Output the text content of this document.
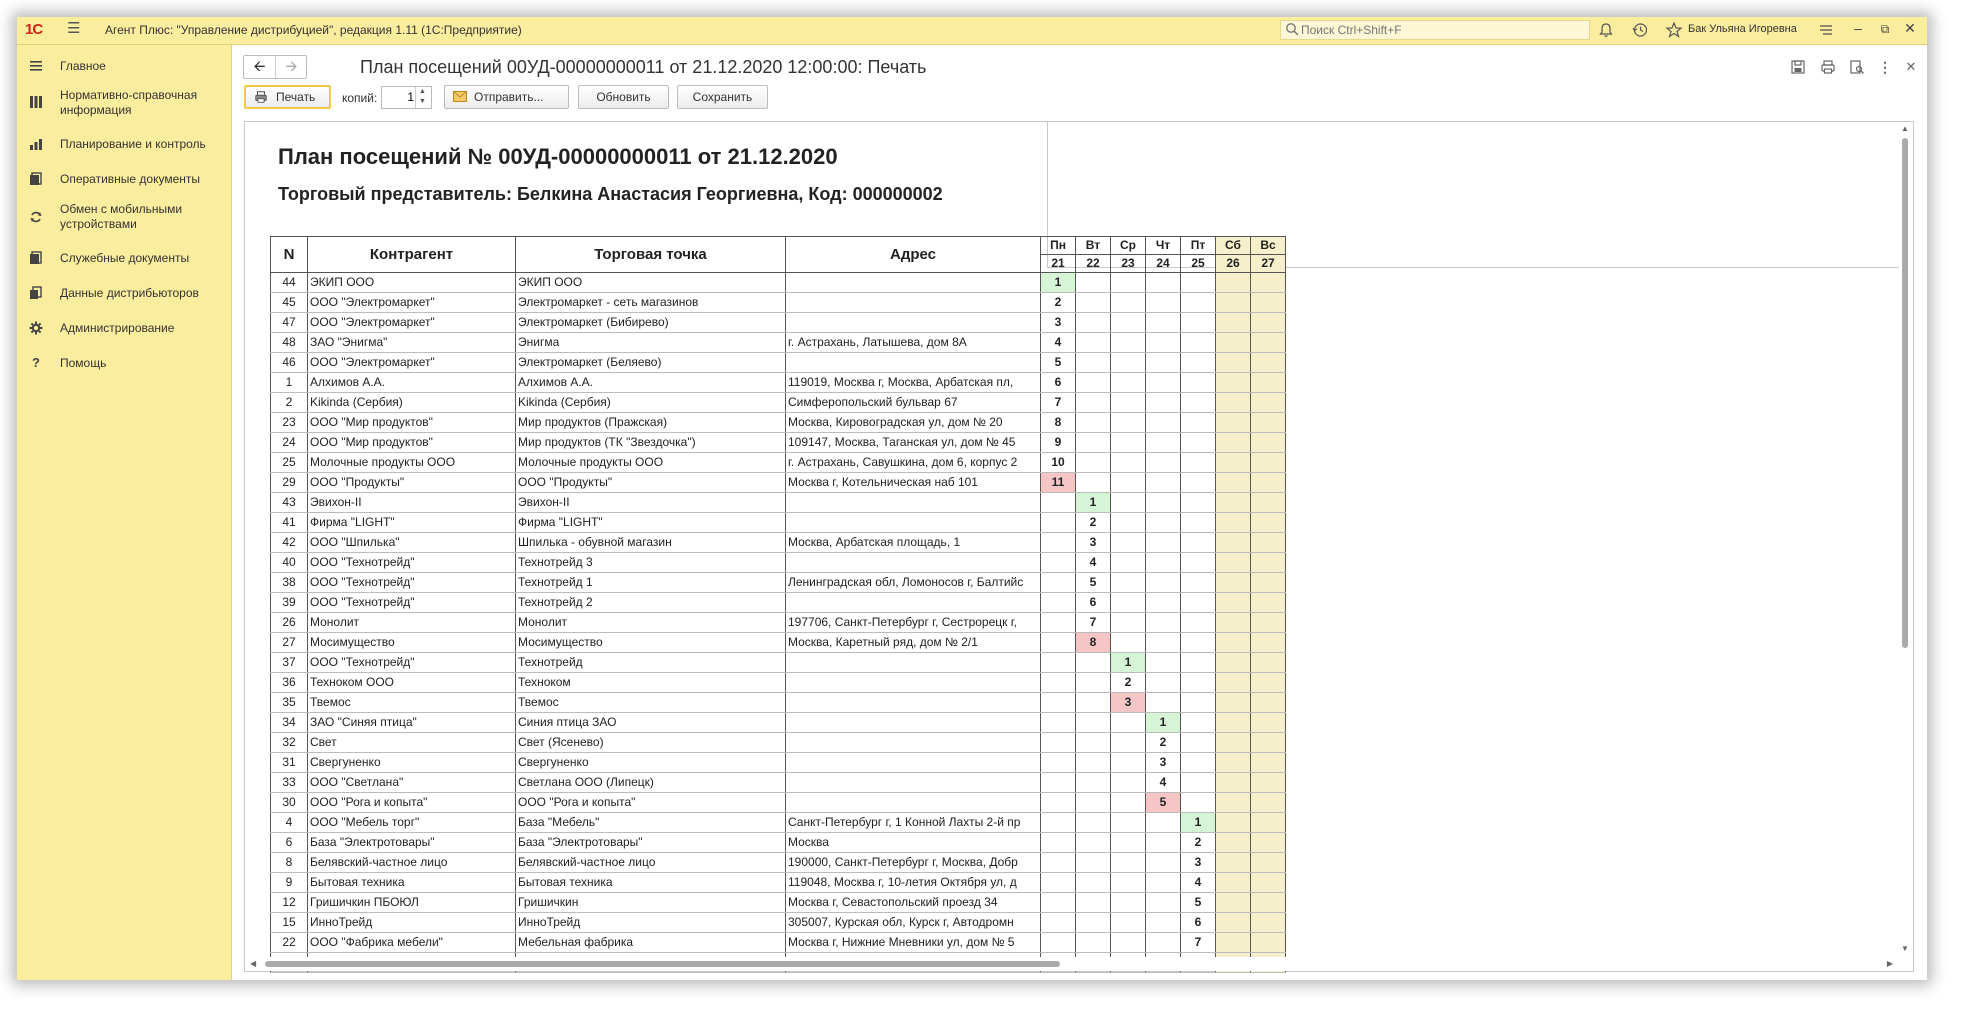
1С ☰ Агент Плюс: "Управление дистрибуцией", редакция 1.11 (1С:Предприятие)
Поиск Ctrl+Shift+F	Бак Ульяна Игоревна	–	⧉	✕
Главное
Нормативно-справочная информация
Планирование и контроль
Оперативные документы
Обмен с мобильными устройствами
Служебные документы
Данные дистрибьюторов
Администрирование
? Помощь
🡨	🡪	План посещений 00УД-00000000011 от 21.12.2020 12:00:00: Печать	⋮ ✕
Печать копий:
1	▲
▼	Отправить...	Обновить	Сохранить
План посещений № 00УД-00000000011 от 21.12.2020
Торговый представитель: Белкина Анастасия Георгиевна, Код: 000000002
N	Контрагент	Торговая точка	Адрес	Пн	Вт	Ср	Чт	Пт	Сб	Вс
				21	22	23	24	25	26	27
44	ЭКИП ООО	ЭКИП ООО		1						
45	ООО "Электромаркет"	Электромаркет - сеть магазинов		2						
47	ООО "Электромаркет"	Электромаркет (Бибирево)		3						
48	ЗАО "Энигма"	Энигма	г. Астрахань, Латышева, дом 8А	4						
46	ООО "Электромаркет"	Электромаркет (Беляево)		5						
1	Алхимов А.А.	Алхимов А.А.	119019, Москва г, Москва, Арбатская пл,	6						
2	Kikinda (Сербия)	Kikinda (Сербия)	Симферопольский бульвар 67	7						
23	ООО "Мир продуктов"	Мир продуктов (Пражская)	Москва, Кировоградская ул, дом № 20	8						
24	ООО "Мир продуктов"	Мир продуктов (ТК "Звездочка")	109147, Москва, Таганская ул, дом № 45	9						
25	Молочные продукты ООО	Молочные продукты ООО	г. Астрахань, Савушкина, дом 6, корпус 2	10						
29	ООО "Продукты"	ООО "Продукты"	Москва г, Котельническая наб 101	11						
43	Эвихон-II	Эвихон-II			1					
41	Фирма "LIGHT"	Фирма "LIGHT"			2					
42	ООО "Шпилька"	Шпилька - обувной магазин	Москва, Арбатская площадь, 1		3					
40	ООО "Технотрейд"	Технотрейд 3			4					
38	ООО "Технотрейд"	Технотрейд 1	Ленинградская обл, Ломоносов г, Балтийс		5					
39	ООО "Технотрейд"	Технотрейд 2			6					
26	Монолит	Монолит	197706, Санкт-Петербург г, Сестрорецк г,		7					
27	Мосимущество	Мосимущество	Москва, Каретный ряд, дом № 2/1		8					
37	ООО "Технотрейд"	Технотрейд				1				
36	Техноком ООО	Техноком				2				
35	Твемос	Твемос				3				
34	ЗАО "Синяя птица"	Синия птица ЗАО					1			
32	Свет	Свет (Ясенево)					2			
31	Свергуненко	Свергуненко					3			
33	ООО "Светлана"	Светлана ООО (Липецк)					4			
30	ООО "Рога и копыта"	ООО "Рога и копыта"					5			
4	ООО "Мебель торг"	База "Мебель"	Санкт-Петербург г, 1 Конной Лахты 2-й пр					1		
6	База "Электротовары"	База "Электротовары"	Москва					2		
8	Белявский-частное лицо	Белявский-частное лицо	190000, Санкт-Петербург г, Москва, Добр					3		
9	Бытовая техника	Бытовая техника	119048, Москва г, 10-летия Октября ул, д					4		
12	Гришичкин ПБОЮЛ	Гришичкин	Москва г, Севастопольский проезд 34					5		
15	ИнноТрейд	ИнноТрейд	305007, Курская обл, Курск г, Автодромн					6		
22	ООО "Фабрика мебели"	Мебельная фабрика	Москва г, Нижние Мневники ул, дом № 5					7		

▲
▼
◀	▶
